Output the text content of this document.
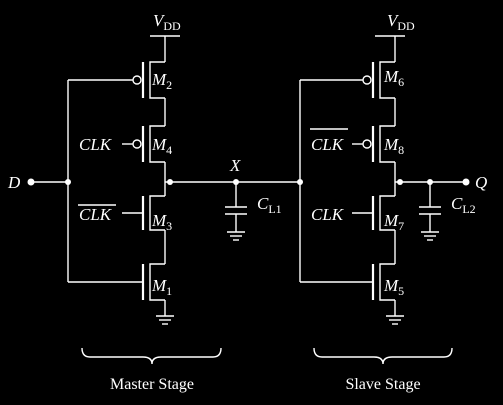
$V_{DD}$
$M_2$
$M_4$
CLK
$M_3$
CLK
$M_1$
D
X
$C_{L1}$
$V_{DD}$
$M_6$
$M_8$
CLK
$M_7$
CLK
$M_5$
Q
$C_{L2}$
Master Stage	Slave Stage
